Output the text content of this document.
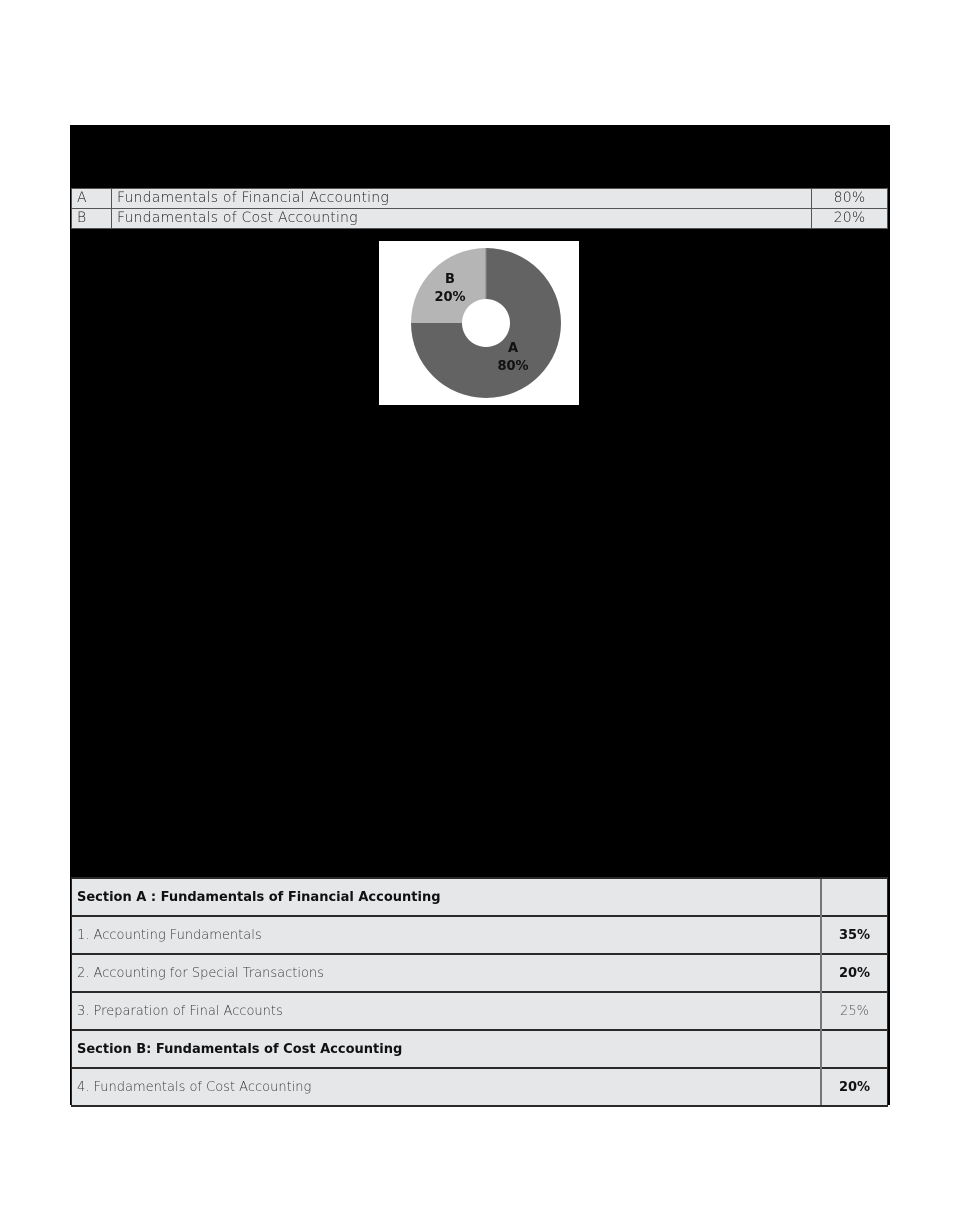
A	Fundamentals of Financial Accounting	80%
B	Fundamentals of Cost Accounting	20%
B
20%
A
80%
Section A : Fundamentals of Financial Accounting	
1. Accounting Fundamentals	35%
2. Accounting for Special Transactions	20%
3. Preparation of Final Accounts	25%
Section B: Fundamentals of Cost Accounting	
4. Fundamentals of Cost Accounting	20%
